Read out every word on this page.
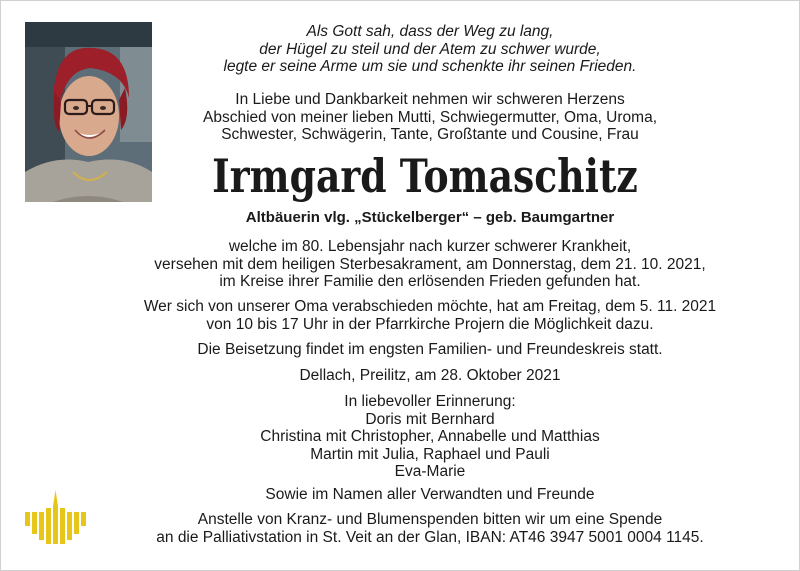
Als Gott sah, dass der Weg zu lang,
der Hügel zu steil und der Atem zu schwer wurde,
legte er seine Arme um sie und schenkte ihr seinen Frieden.
In Liebe und Dankbarkeit nehmen wir schweren Herzens
Abschied von meiner lieben Mutti, Schwiegermutter, Oma, Uroma,
Schwester, Schwägerin, Tante, Großtante und Cousine, Frau
Irmgard Tomaschitz
Altbäuerin vlg. „Stückelberger“ – geb. Baumgartner
welche im 80. Lebensjahr nach kurzer schwerer Krankheit,
versehen mit dem heiligen Sterbesakrament, am Donnerstag, dem 21. 10. 2021,
im Kreise ihrer Familie den erlösenden Frieden gefunden hat.
Wer sich von unserer Oma verabschieden möchte, hat am Freitag, dem 5. 11. 2021
von 10 bis 17 Uhr in der Pfarrkirche Projern die Möglichkeit dazu.
Die Beisetzung findet im engsten Familien- und Freundeskreis statt.
Dellach, Preilitz, am 28. Oktober 2021
In liebevoller Erinnerung:
Doris mit Bernhard
Christina mit Christopher, Annabelle und Matthias
Martin mit Julia, Raphael und Pauli
Eva-Marie
Sowie im Namen aller Verwandten und Freunde
Anstelle von Kranz- und Blumenspenden bitten wir um eine Spende
an die Palliativstation in St. Veit an der Glan, IBAN: AT46 3947 5001 0004 1145.
